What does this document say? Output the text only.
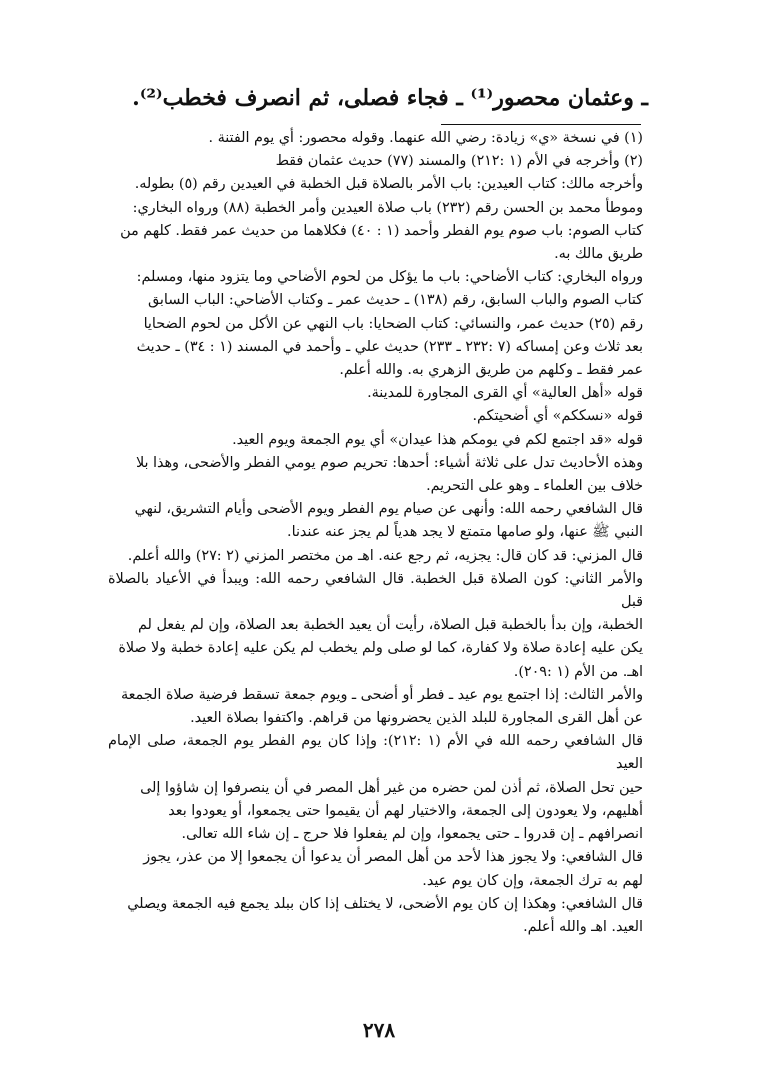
ـ وعثمان محصور⁽¹⁾ ـ فجاء فصلى، ثم انصرف فخطب⁽²⁾.

(١) في نسخة «ي» زيادة: رضي الله عنهما. وقوله محصور: أي يوم الفتنة .

(٢) وأخرجه في الأم (١ :٢١٢) والمسند (٧٧) حديث عثمان فقط

وأخرجه مالك: كتاب العيدين: باب الأمر بالصلاة قبل الخطبة في العيدين رقم (٥) بطوله.

وموطأ محمد بن الحسن رقم (٢٣٢) باب صلاة العيدين وأمر الخطبة (٨٨) ورواه البخاري:

كتاب الصوم: باب صوم يوم الفطر وأحمد (١ : ٤٠) فكلاهما من حديث عمر فقط. كلهم من

طريق مالك به.

ورواه البخاري: كتاب الأضاحي: باب ما يؤكل من لحوم الأضاحي وما يتزود منها، ومسلم:

كتاب الصوم والباب السابق، رقم (١٣٨) ـ حديث عمر ـ وكتاب الأضاحي: الباب السابق

رقم (٢٥) حديث عمر، والنسائي: كتاب الضحايا: باب النهي عن الأكل من لحوم الضحايا

بعد ثلاث وعن إمساكه (٧ :٢٣٢ ـ ٢٣٣) حديث علي ـ وأحمد في المسند (١ : ٣٤) ـ حديث

عمر فقط ـ وكلهم من طريق الزهري به. والله أعلم.

قوله «أهل العالية» أي القرى المجاورة للمدينة.

قوله «نسككم» أي أضحيتكم.

قوله «قد اجتمع لكم في يومكم هذا عيدان» أي يوم الجمعة ويوم العيد.

وهذه الأحاديث تدل على ثلاثة أشياء: أحدها: تحريم صوم يومي الفطر والأضحى، وهذا بلا

خلاف بين العلماء ـ وهو على التحريم.

قال الشافعي رحمه الله: وأنهى عن صيام يوم الفطر ويوم الأضحى وأيام التشريق، لنهي

النبي ﷺ عنها، ولو صامها متمتع لا يجد هدياً لم يجز عنه عندنا.

قال المزني: قد كان قال: يجزيه، ثم رجع عنه. اهـ من مختصر المزني (٢ :٢٧) والله أعلم.

والأمر الثاني: كون الصلاة قبل الخطبة. قال الشافعي رحمه الله: ويبدأ في الأعياد بالصلاة قبل

الخطبة، وإن بدأ بالخطبة قبل الصلاة، رأيت أن يعيد الخطبة بعد الصلاة، وإن لم يفعل لم

يكن عليه إعادة صلاة ولا كفارة، كما لو صلى ولم يخطب لم يكن عليه إعادة خطبة ولا صلاة

اهـ. من الأم (١ :٢٠٩).

والأمر الثالث: إذا اجتمع يوم عيد ـ فطر أو أضحى ـ ويوم جمعة تسقط فرضية صلاة الجمعة

عن أهل القرى المجاورة للبلد الذين يحضرونها من قراهم. واكتفوا بصلاة العيد.

قال الشافعي رحمه الله في الأم (١ :٢١٢): وإذا كان يوم الفطر يوم الجمعة، صلى الإمام العيد

حين تحل الصلاة، ثم أذن لمن حضره من غير أهل المصر في أن ينصرفوا إن شاؤوا إلى

أهليهم، ولا يعودون إلى الجمعة، والاختيار لهم أن يقيموا حتى يجمعوا، أو يعودوا بعد

انصرافهم ـ إن قدروا ـ حتى يجمعوا، وإن لم يفعلوا فلا حرج ـ إن شاء الله تعالى.

قال الشافعي: ولا يجوز هذا لأحد من أهل المصر أن يدعوا أن يجمعوا إلا من عذر، يجوز

لهم به ترك الجمعة، وإن كان يوم عيد.

قال الشافعي: وهكذا إن كان يوم الأضحى، لا يختلف إذا كان ببلد يجمع فيه الجمعة ويصلي

العيد. اهـ والله أعلم.

٢٧٨
